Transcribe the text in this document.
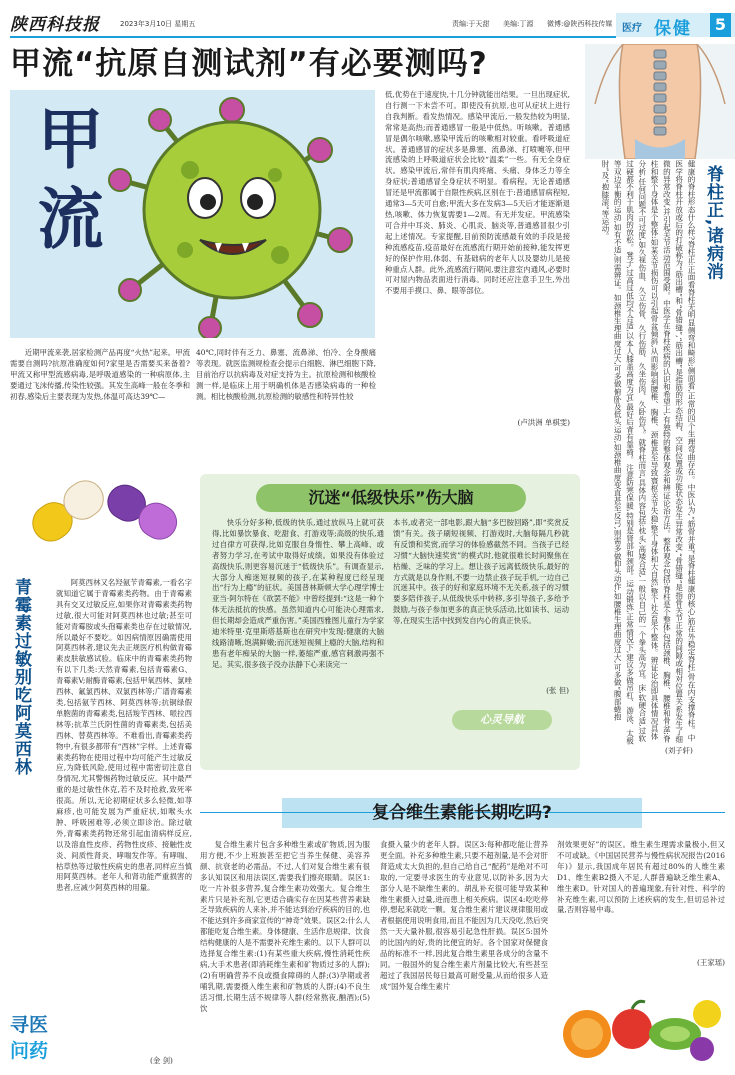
陕西科技报	2023年3月10日 星期五	责编:于天甜 美编:丁源 微博:@陕西科技传媒 医疗 保健	5
甲流“抗原自测试剂”有必要测吗?
甲流
近期甲流来袭,居家检测产品再度“火热”起来。甲流需要自测吗?抗原准确度如何?家里是否需要买来备着?甲流又称甲型流感病毒,是呼吸道感染的一种病原体,主要通过飞沫传播,传染性较强。其发生高峰一般在冬季和初春,感染后主要表现为发热,体温可高达39℃—
40℃,同时伴有乏力、鼻塞、流鼻涕、怕冷、全身酸痛等表现。就医监测规检查会提示白细胞、淋巴细胞下降,目前治疗以抗病毒及对症支持为主。抗原检测和核酸检测一样,是临床上用于明确机体是否感染病毒的一种检测。相比核酸检测,抗原检测的敏感性和特异性较
低,优势在于速度快,十几分钟就能出结果。一旦出现症状,自行测一下未尝不可。即使没有抗原,也可从症状上进行自我判断。看发热情况。感染甲流后,一般发热较为明显,常常是高热;而普通感冒一般是中低热。听咳嗽。普通感冒是偶尔咳嗽,感染甲流后的咳嗽相对较重。看呼吸道症状。普通感冒的症状多是鼻塞、流鼻涕、打喷嚏等,但甲流感染的上呼吸道症状会比较“温柔”一些。有无全身症状。感染甲流后,常伴有肌肉疼痛、头痛、身体乏力等全身症状;普通感冒全身症状不明显。看病程。无论普通感冒还是甲流都属于自限性疾病,区别在于:普通感冒病程短,通常3—5天可自愈;甲流大多在发病3—5天后才能逐渐退热,咳嗽、体力恢复需要1—2周。有无并发症。甲流感染可合并中耳炎、肺炎、心肌炎、脑炎等,普通感冒很少引起上述情况。专家提醒,目前预防流感最有效的手段是接种流感疫苗,疫苗最好在流感流行期开始前接种,能发挥更好的保护作用,体弱、有基础病的老年人以及婴幼儿是接种重点人群。此外,流感流行期间,要注意室内通风,必要时可对屋内物品表面进行消毒。同时还应注意手卫生,外出不要用手摸口、鼻、眼等部位。
(卢洪洲 单棋雯)
脊柱正,诸病消
健康的脊柱形态什么样?脊柱正:正面看脊柱无明显侧弯和畸形;侧面看,正常的四个生理弯曲存在。中医认为,“筋骨并重”是脊柱健康的核心,筋在外稳定脊柱,骨在内支撑脊柱。中医学将脊柱开放或后的打破称为“筋出槽”和“骨错缝”,“筋出槽”是指筋的形态结构、空间位置或功能状态发生异常改变,“骨错缝”是指骨关节正常的间隙或相对位置关系发生了细微的异常改变,并引起关节活动范围受限。中医学在脊柱疾病的认识和希望上,有独特的整体观念和辨证论治方法。整体观念包括:脊柱是个整体,包括颈椎、胸椎、腰椎和骨盆;脊柱和整个身体是个整体:如某关节损伤可以引起骨盆倾斜,从而影响到腰椎、胸椎、颈椎甚至导致寰枢关节失稳;整个身体和大自然,整个社会是个整体。辨证论治即具体情况具体分析,任何问题不可过度,如久视伤血、久立伤骨、久行伤筋、久坐伤肉、久卧伤气。就脊柱而言,具体内容包括:枕头,高矮合适,一般以自己的一个拳头高为宜。床,软硬合适,过软过硬都不利于肌肉的放松。凳子,过高过低均不合适,以本人膝盖高度为宜,最好后背有靠椅。注意防寒保暖,特别是肾部和颈部。运动锻炼,正常情况下,建议多做吊杠、游泳、太极等双边平衡的运动,如有不适,则需辨证。如颈椎生理曲度过大,可多做俯卧及低头运动,如颈椎曲度变直甚至反弓,则需多做仰头动作,如腰椎生理曲度过大,可多做“腹部蜷抱肘”及“抱膝滚”等运动。
(刘子轩)
青霉素过敏别吃阿莫西林	阿莫西林又名羟氨苄青霉素,一看名字就知道它属于青霉素类药物。由于青霉素具有交叉过敏反应,如果你对青霉素类药物过敏,很大可能对阿莫西林也过敏;甚至可能对青霉胺或头孢霉素类也存在过敏情况,所以最好不要吃。如因病情原因确需使用阿莫西林者,建议先去正规医疗机构做青霉素皮肤敏感试验。临床中的青霉素类药物有以下几类:天然青霉素,包括青霉素G、青霉素V;耐酶青霉素,包括甲氧西林、氯唑西林、氟氯西林、双氯西林等;广谱青霉素类,包括氨苄西林、阿莫西林等;抗铜绿假单胞菌的青霉素类,包括羧苄西林、哌拉西林等;抗革兰氏阴性菌的青霉素类,包括美西林、替莫西林等。不难看出,青霉素类药物中,有很多都带有“西林”字样。上述青霉素类药物在使用过程中均可能产生过敏反应,为降低风险,使用过程中需密切注意自身情况,尤其警惕药物过敏反应。其中最严重的是过敏性休克,若不及时抢救,致死率很高。所以,无论初期症状多么轻微,如荨麻疹,也可能发展为严重症状,如喉头水肿、呼吸困难等,必须立即诊治。除过敏外,青霉素类药物还常引起血清病样反应,以及溶血性皮疹、药物性皮疹、接触性皮炎、间质性肾炎、哮喘发作等。有哮喘、枯草热等过敏性疾病史的患者,同样应当慎用阿莫西林。老年人和肾功能严重损害的患者,应减少阿莫西林的用量。
(金 剑)
寻医
问药
沉迷“低级快乐”伤大脑
快乐分好多种,低级的快乐,通过放纵马上就可获得,比如暴饮暴食、吃甜食、打游戏等;高级的快乐,通过自律方可获得,比如克服自身惰性、攀上高峰、或者努力学习,在考试中取得好成绩。如果没有体验过高级快乐,则更容易沉迷于“低级快乐”。有调查显示,大部分人痴迷短视频的孩子,在某种程度已经呈现出“行为上瘾”的征状。美国普林斯顿大学心理学博士亚当·阿尔特在《欲罢不能》中曾经提到:“这是一种个体无法抵抗的快感。虽然知道内心可能决心理需求,但长期却会造成严重伤害。”美国西雅图儿童行为学家迪米特里·克里斯塔基斯也在研究中发现:健康的大脑线路清晰,饱满鲜嫩;而沉迷短视频上瘾的大脑,结构和患有老年痴呆的大脑一样,萎缩严重,感官刺激再强不足。其实,很多孩子没办法静下心来读完一
本书,或者完一部电影,跟大脑“多巴胺回路”,即“奖赏反馈”有关。孩子刷短视频、打游戏时,大脑每隔几秒就有反馈和奖赏,而学习的体验感截然不同。当孩子已经习惯“大脑快速奖赏”的模式时,他就很难长时间聚焦在枯燥、乏味的学习上。想让孩子远离低级快乐,最好的方式就是以身作则,不要一边禁止孩子玩手机,一边自己沉迷其中。孩子的好和家庭环境不无关系,孩子的习惯要多陪伴孩子,从低级快乐中转移,多引导孩子,多给予鼓励,与孩子参加更多的真正快乐活动,比如读书、运动等,在现实生活中找到发自内心的真正快乐。
(张 但)
心灵导航
复合维生素能长期吃吗?
复合维生素片包含多种维生素或矿物质,因为服用方便,不少上班族甚至把它当养生保健、美容养颜、抗衰老的必需品。不过,人们对复合维生素有很多认知误区和用法误区,需要我们擦亮眼睛。误区1:吃一片补很多营养,复合维生素功效强大。复合维生素片只是补充剂,它更适合确实存在因某些营养素缺乏导致疾病的人来补,并不能达到治疗疾病的目的,也不能达到许多商家宣传的“神奇”效果。误区2:什么人都能吃复合维生素。身体健康、生活作息规律、饮食结构健康的人是不需要补充维生素的。以下人群可以选择复合维生素:(1)有某些重大疾病,慢性消耗性疾病,大手术患者(即消耗维生素和矿物质过多的人群);(2)有明确营养不良或摄食障碍的人群;(3)孕期或者哺乳期,需要摄入维生素和矿物质的人群;(4)不良生活习惯,长期生活不规律等人群(经常熬夜,酗酒);(5)饮
食摄入量少的老年人群。误区3:每种都吃能让营养更全面。补充多种维生素,只要不超剂量,是不会对肝肾造成太大负担的,但自己给自己“配药”是绝对不可取的,一定要寻求医生的专业意见,以防补多,因为大部分人是不缺维生素的。胡乱补充很可能导致某种维生素摄入过量,进而患上相关疾病。误区4:吃吃停停,想起来就吃一颗。复合维生素片建议规律服用或者根据使用说明食用,而且不能因为几天没吃,然后突然一天大量补服,很容易引起急性肝损。误区5:国外的比国内的好,贵的比便宜的好。各个国家对保健食品的标准不一样,因此复合维生素里各成分的含量不同。一般国外的复合维生素片剂量比较大,有些甚至超过了我国居民每日最高可耐受量,从而给很多人造成“国外复合维生素片
剂效果更好”的误区。维生素生理需求量极小,但又不可或缺。《中国居民营养与慢性病状况报告(2016年)》显示,我国成年居民有超过80%的人维生素D1、维生素B2摄入不足,人群普遍缺乏维生素A、维生素D。针对国人的普遍现象,有针对性、科学的补充维生素,可以预防上述疾病的发生,但切忌补过量,否则容易中毒。
(王家瑶)
